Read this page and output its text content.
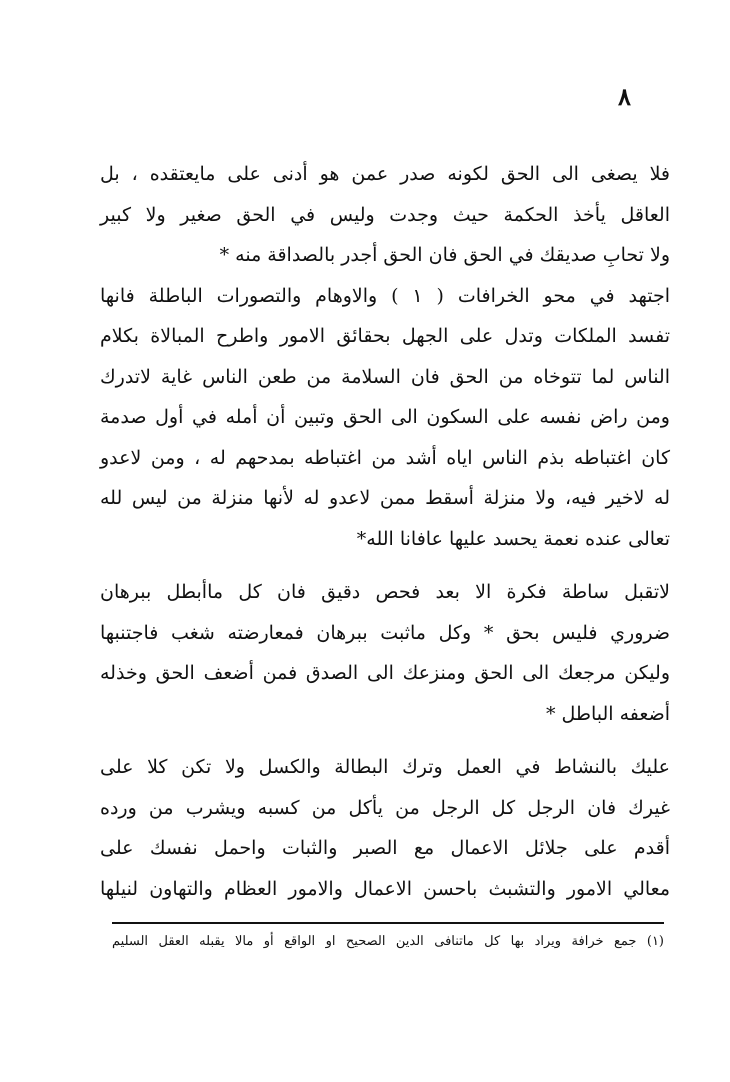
٨

فلا يصغى الى الحق لكونه صدر عمن هو أدنى على مايعتقده ، بل
العاقل يأخذ الحكمة حيث وجدت وليس في الحق صغير ولا كبير
ولا تحابِ صديقك في الحق فان الحق أجدر بالصداقة منه *

اجتهد في محو الخرافات ( ١ ) والاوهام والتصورات الباطلة فانها
تفسد الملكات وتدل على الجهل بحقائق الامور واطرح المبالاة بكلام
الناس لما تتوخاه من الحق فان السلامة من طعن الناس غاية لاتدرك
ومن راض نفسه على السكون الى الحق وتبين أن أمله في أول صدمة
كان اغتباطه بذم الناس اياه أشد من اغتباطه بمدحهم له ، ومن لاعدو
له لاخير فيه، ولا منزلة أسقط ممن لاعدو له لأنها منزلة من ليس لله
تعالى عنده نعمة يحسد عليها عافانا الله*

لاتقبل ساطة فكرة الا بعد فحص دقيق فان كل ماأبطل ببرهان
ضروري فليس بحق * وكل ماثبت ببرهان فمعارضته شغب فاجتنبها
وليكن مرجعك الى الحق ومنزعك الى الصدق فمن أضعف الحق وخذله
أضعفه الباطل *

عليك بالنشاط في العمل وترك البطالة والكسل ولا تكن كلا على
غيرك فان الرجل كل الرجل من يأكل من كسبه ويشرب من ورده

أقدم على جلائل الاعمال مع الصبر والثبات واحمل نفسك على
معالي الامور والتشبث باحسن الاعمال والامور العظام والتهاون لنيلها

(١) جمع خرافة ويراد بها كل ماتنافى الدين الصحيح او الواقع أو مالا يقبله العقل السليم
